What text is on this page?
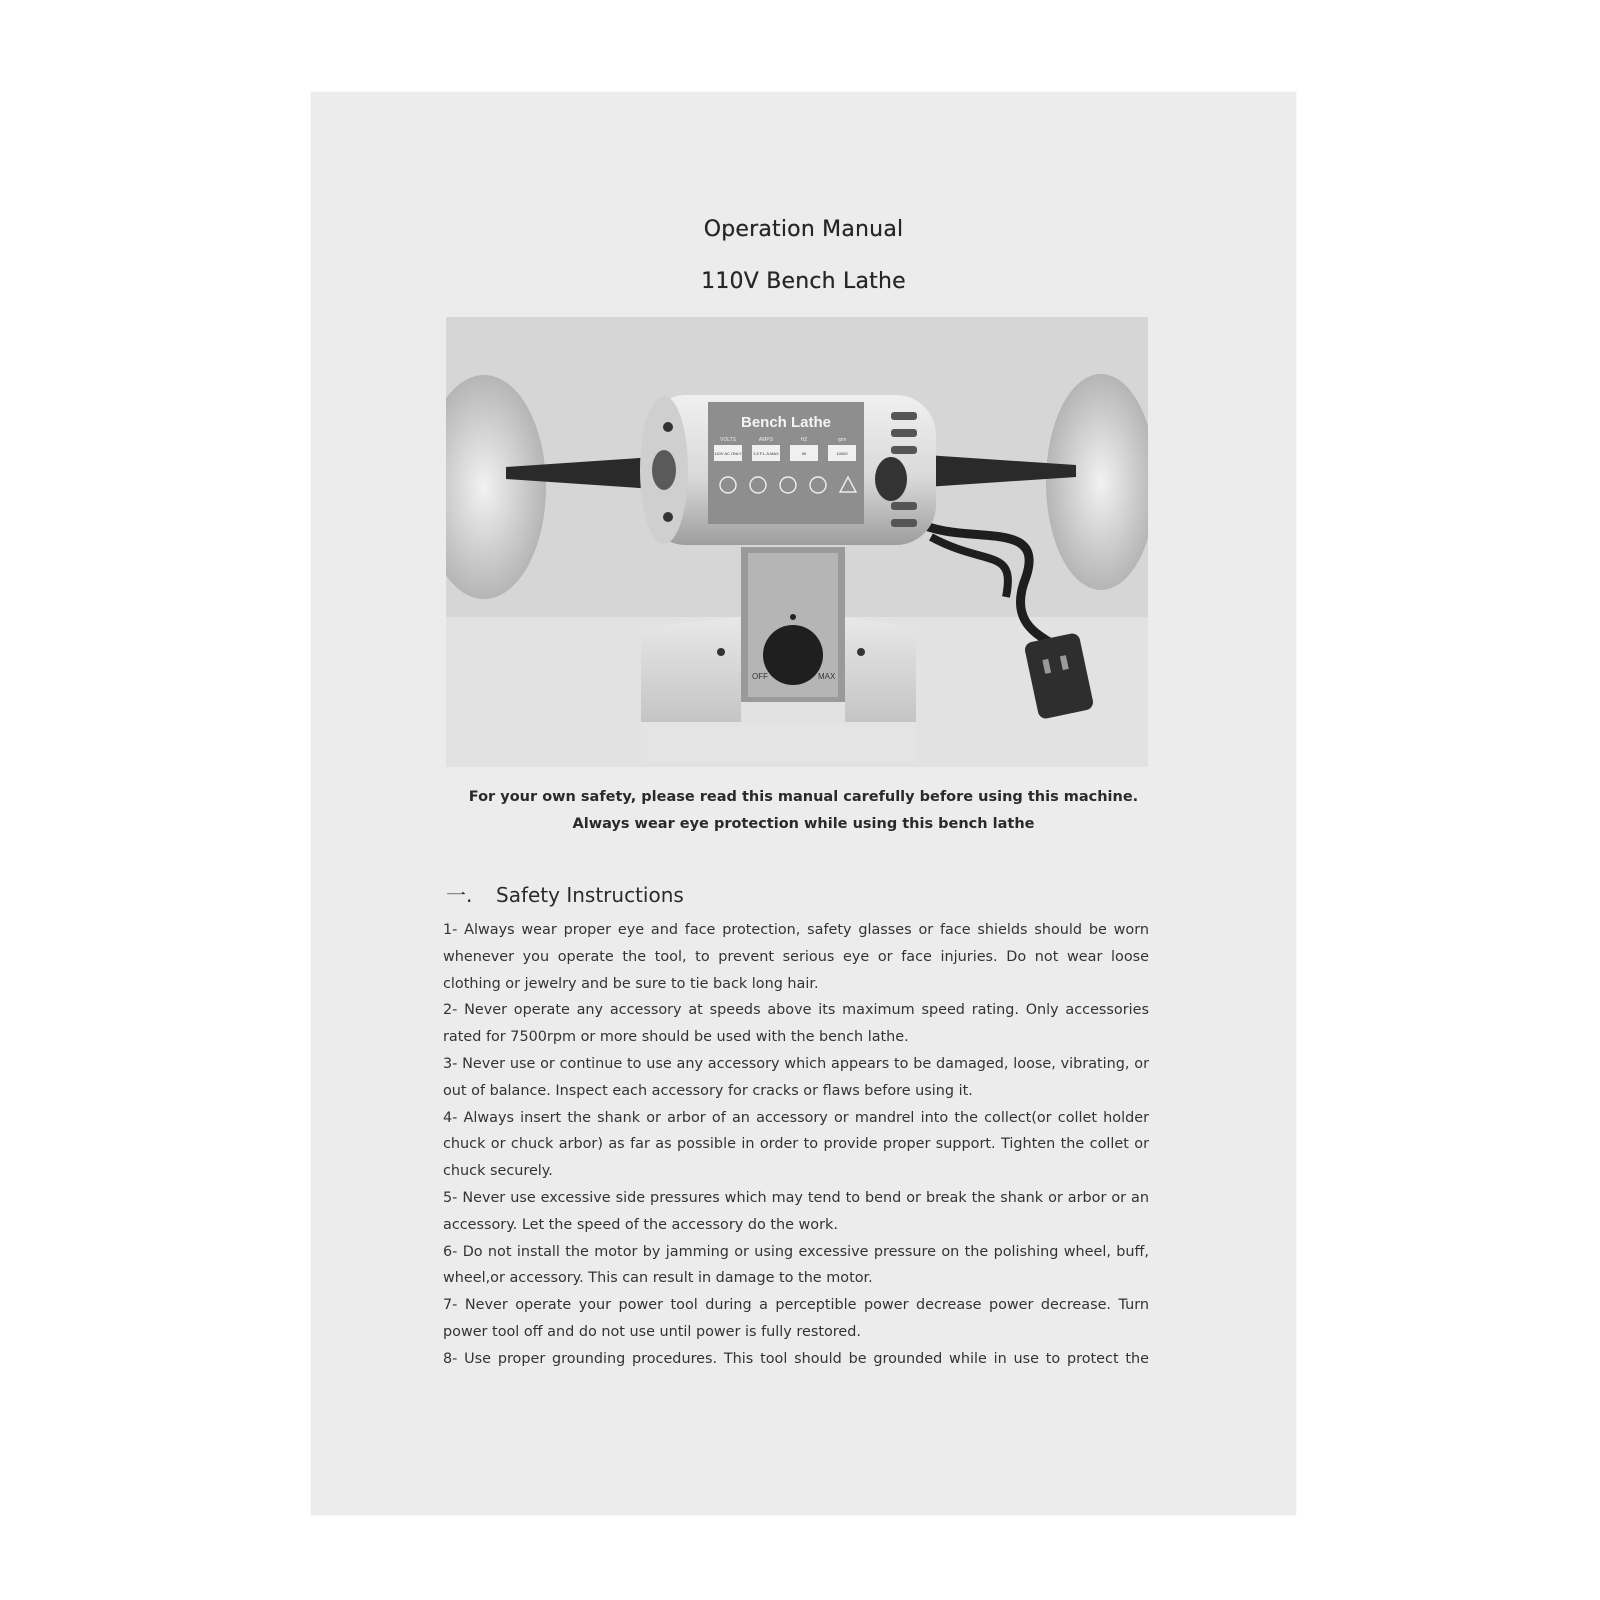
Operation Manual
110V Bench Lathe
Bench Lathe
VOLTS	AMPS	HZ	rpm
110V AC ONLY	1.5 F.L.A.MAX	50	10000
OFF	MAX
For your own safety, please read this manual carefully before using this machine.
Always wear eye protection while using this bench lathe
一. Safety Instructions

1- Always wear proper eye and face protection, safety glasses or face shields should be worn whenever you operate the tool, to prevent serious eye or face injuries. Do not wear loose clothing or jewelry and be sure to tie back long hair.

2- Never operate any accessory at speeds above its maximum speed rating. Only accessories rated for 7500rpm or more should be used with the bench lathe.

3- Never use or continue to use any accessory which appears to be damaged, loose, vibrating, or out of balance. Inspect each accessory for cracks or flaws before using it.

4- Always insert the shank or arbor of an accessory or mandrel into the collect(or collet holder chuck or chuck arbor) as far as possible in order to provide proper support. Tighten the collet or chuck securely.

5- Never use excessive side pressures which may tend to bend or break the shank or arbor or an accessory. Let the speed of the accessory do the work.

6- Do not install the motor by jamming or using excessive pressure on the polishing wheel, buff, wheel,or accessory. This can result in damage to the motor.

7- Never operate your power tool during a perceptible power decrease power decrease. Turn power tool off and do not use until power is fully restored.

8- Use proper grounding procedures. This tool should be grounded while in use to protect the
